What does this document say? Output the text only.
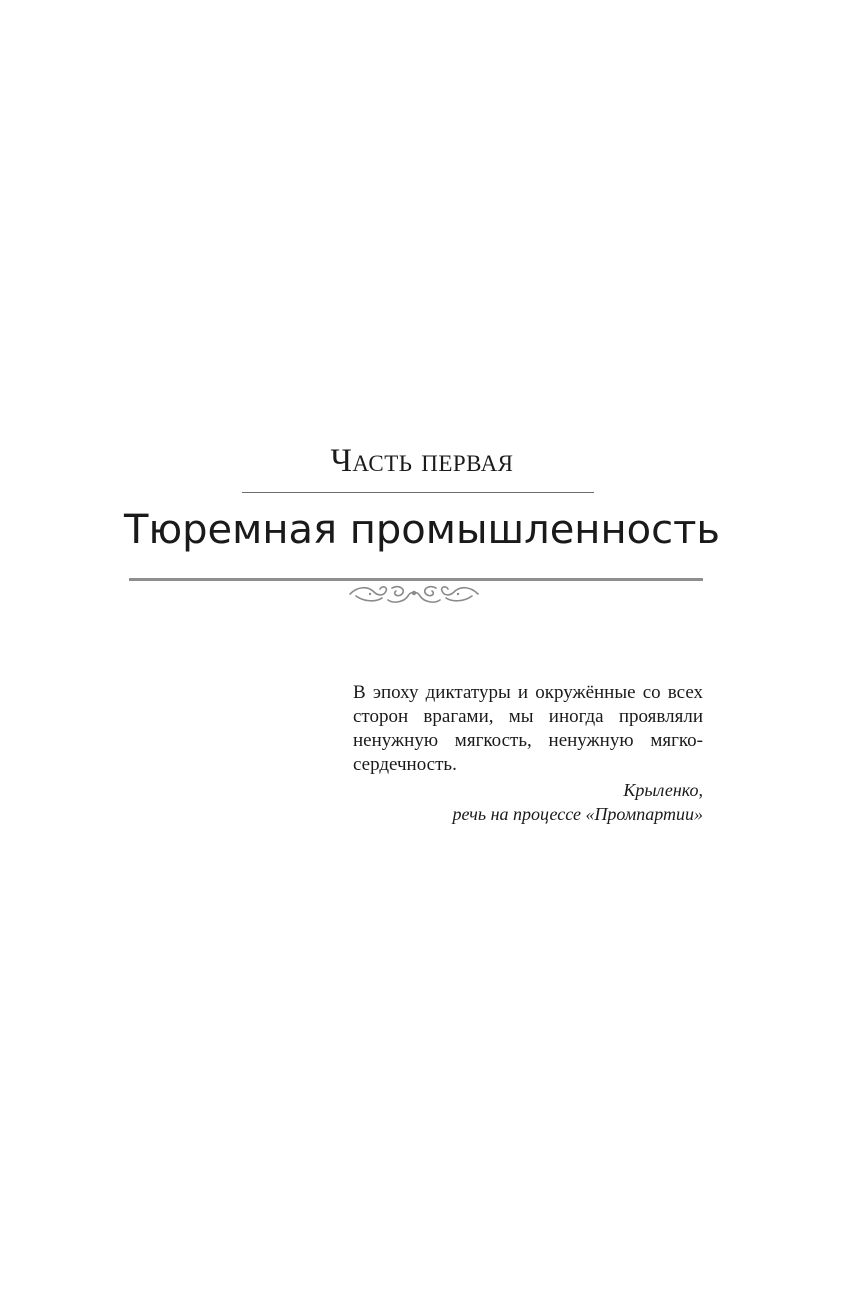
Часть первая
Тюремная промышленность
В эпоху диктатуры и окружённые со всех
сторон врагами, мы иногда проявляли
ненужную мягкость, ненужную мягко-
сердечность.
Крыленко,
речь на процессе «Промпартии»
